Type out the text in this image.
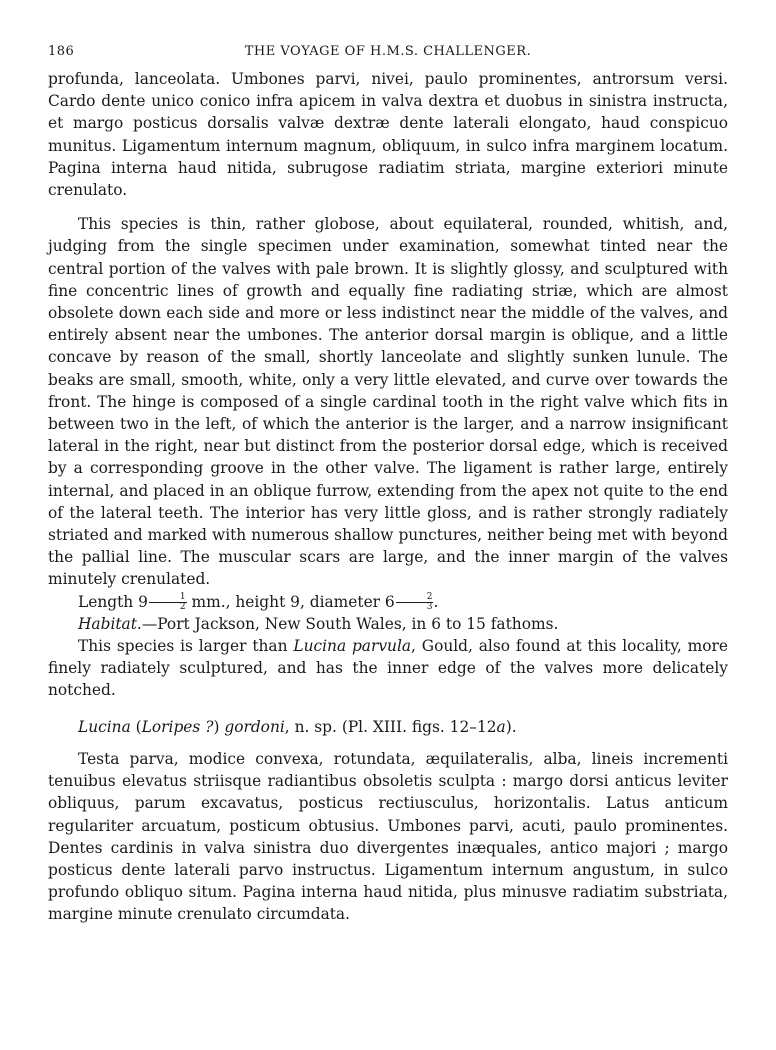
186	THE VOYAGE OF H.M.S. CHALLENGER.

profunda, lanceolata. Umbones parvi, nivei, paulo prominentes, antrorsum versi. Cardo dente unico conico infra apicem in valva dextra et duobus in sinistra instructa, et margo posticus dorsalis valvæ dextræ dente laterali elongato, haud conspicuo munitus. Ligamentum internum magnum, obliquum, in sulco infra marginem locatum. Pagina interna haud nitida, subrugose radiatim striata, margine exteriori minute crenulato.

This species is thin, rather globose, about equilateral, rounded, whitish, and, judging from the single specimen under examination, somewhat tinted near the central portion of the valves with pale brown. It is slightly glossy, and sculptured with fine concentric lines of growth and equally fine radiating striæ, which are almost obsolete down each side and more or less indistinct near the middle of the valves, and entirely absent near the umbones. The anterior dorsal margin is oblique, and a little concave by reason of the small, shortly lanceolate and slightly sunken lunule. The beaks are small, smooth, white, only a very little elevated, and curve over towards the front. The hinge is composed of a single cardinal tooth in the right valve which fits in between two in the left, of which the anterior is the larger, and a narrow insignificant lateral in the right, near but distinct from the posterior dorsal edge, which is received by a corresponding groove in the other valve. The ligament is rather large, entirely internal, and placed in an oblique furrow, extending from the apex not quite to the end of the lateral teeth. The interior has very little gloss, and is rather strongly radiately striated and marked with numerous shallow punctures, neither being met with beyond the pallial line. The muscular scars are large, and the inner margin of the valves minutely crenulated.

Length $9 \frac{1}{2}$ mm., height 9, diameter $6 \frac{2}{3}$ .

Habitat.—Port Jackson, New South Wales, in 6 to 15 fathoms.

This species is larger than Lucina parvula, Gould, also found at this locality, more finely radiately sculptured, and has the inner edge of the valves more delicately notched.

Lucina (Loripes ?) gordoni, n. sp. (Pl. XIII. figs. 12–12a).

Testa parva, modice convexa, rotundata, æquilateralis, alba, lineis incrementi tenuibus elevatus striisque radiantibus obsoletis sculpta : margo dorsi anticus leviter obliquus, parum excavatus, posticus rectiusculus, horizontalis. Latus anticum regulariter arcuatum, posticum obtusius. Umbones parvi, acuti, paulo prominentes. Dentes cardinis in valva sinistra duo divergentes inæquales, antico majori ; margo posticus dente laterali parvo instructus. Ligamentum internum angustum, in sulco profundo obliquo situm. Pagina interna haud nitida, plus minusve radiatim substriata, margine minute crenulato circumdata.
